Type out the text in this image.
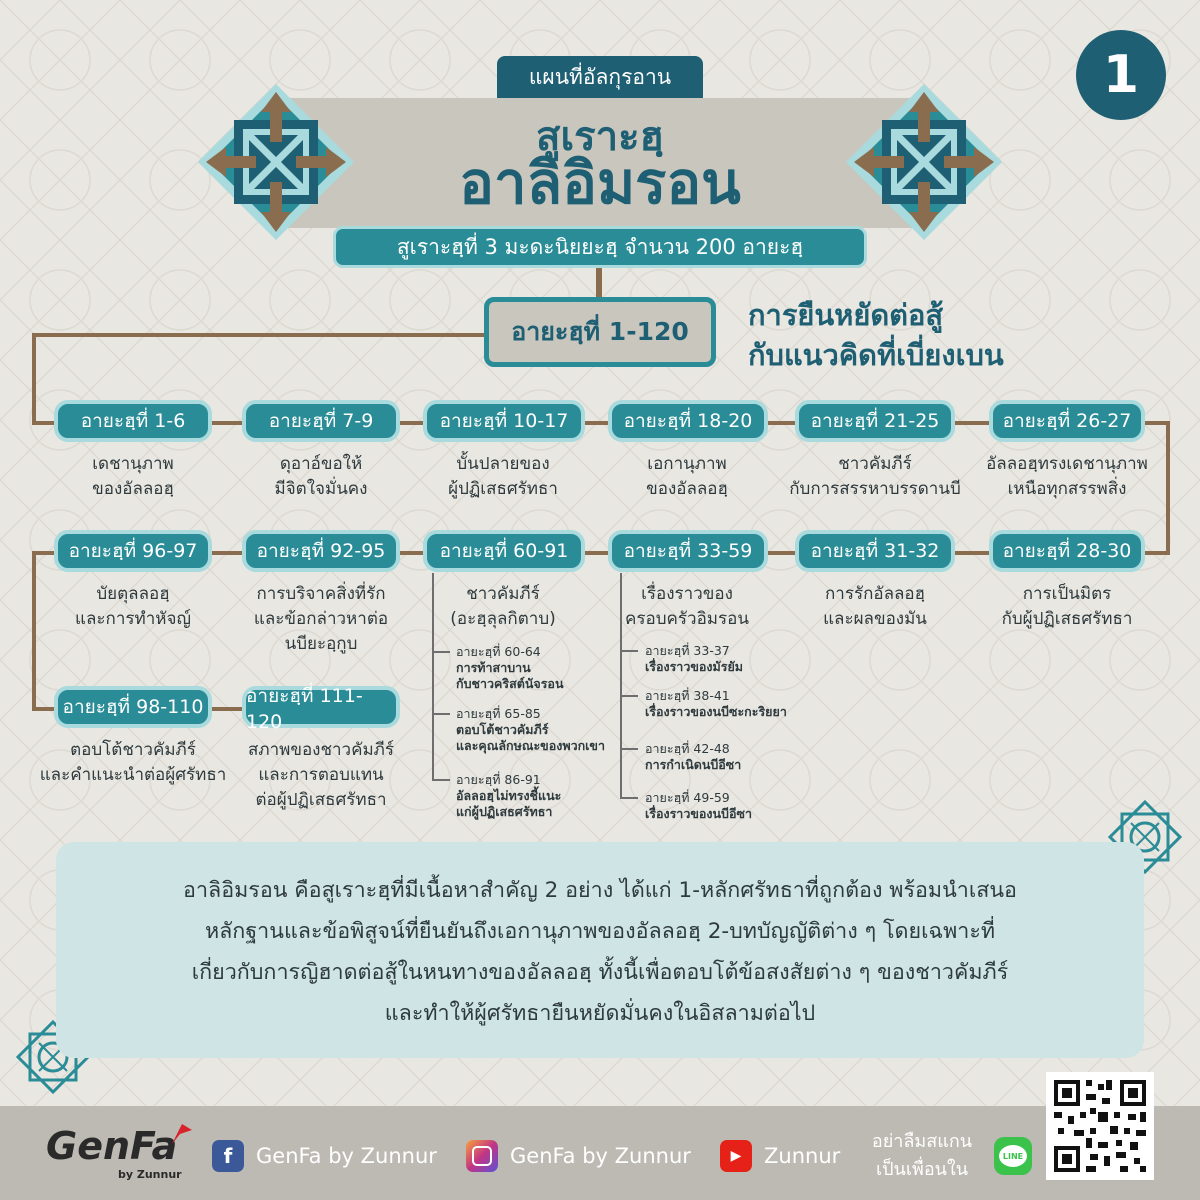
แผนที่อัลกุรอาน
สูเราะฮฺ
อาลิอิมรอน
สูเราะฮฺที่ 3 มะดะนิยยะฮฺ จำนวน 200 อายะฮฺ
1
อายะฮฺที่ 1-120	การยืนหยัดต่อสู้
กับแนวคิดที่เบี่ยงเบน
อายะฮฺที่ 1-6
เดชานุภาพ
ของอัลลอฮฺ
อายะฮฺที่ 7-9
ดุอาอ์ขอให้
มีจิตใจมั่นคง
อายะฮฺที่ 10-17
บั้นปลายของ
ผู้ปฏิเสธศรัทธา
อายะฮฺที่ 18-20
เอกานุภาพ
ของอัลลอฮฺ
อายะฮฺที่ 21-25
ชาวคัมภีร์
กับการสรรหาบรรดานบี
อายะฮฺที่ 26-27
อัลลอฮฺทรงเดชานุภาพ
เหนือทุกสรรพสิ่ง
อายะฮฺที่ 96-97
บัยตุลลอฮฺ
และการทำหัจญ์
อายะฮฺที่ 92-95
การบริจาคสิ่งที่รัก
และข้อกล่าวหาต่อ
นบียะอฺกูบ
อายะฮฺที่ 60-91
ชาวคัมภีร์
(อะฮฺลุลกิตาบ)
อายะฮฺที่ 33-59
เรื่องราวของ
ครอบครัวอิมรอน
อายะฮฺที่ 31-32
การรักอัลลอฮฺ
และผลของมัน
อายะฮฺที่ 28-30
การเป็นมิตร
กับผู้ปฏิเสธศรัทธา
อายะฮฺที่ 60-64
การท้าสาบาน
กับชาวคริสต์นัจรอน
อายะฮฺที่ 65-85
ตอบโต้ชาวคัมภีร์
และคุณลักษณะของพวกเขา
อายะฮฺที่ 86-91
อัลลอฮฺไม่ทรงชี้แนะ
แก่ผู้ปฏิเสธศรัทธา
อายะฮฺที่ 33-37
เรื่องราวของมัรยัม
อายะฮฺที่ 38-41
เรื่องราวของนบีซะกะริยยา
อายะฮฺที่ 42-48
การกำเนิดนบีอีซา
อายะฮฺที่ 49-59
เรื่องราวของนบีอีซา
อายะฮฺที่ 98-110
ตอบโต้ชาวคัมภีร์
และคำแนะนำต่อผู้ศรัทธา
อายะฮฺที่ 111-120
สภาพของชาวคัมภีร์
และการตอบแทน
ต่อผู้ปฏิเสธศรัทธา
อาลิอิมรอน คือสูเราะฮฺที่มีเนื้อหาสำคัญ 2 อย่าง ได้แก่ 1-หลักศรัทธาที่ถูกต้อง พร้อมนำเสนอ
หลักฐานและข้อพิสูจน์ที่ยืนยันถึงเอกานุภาพของอัลลอฮฺ 2-บทบัญญัติต่าง ๆ โดยเฉพาะที่
เกี่ยวกับการญิฮาดต่อสู้ในหนทางของอัลลอฮฺ ทั้งนี้เพื่อตอบโต้ข้อสงสัยต่าง ๆ ของชาวคัมภีร์
และทำให้ผู้ศรัทธายืนหยัดมั่นคงในอิสลามต่อไป
GenFa
by Zunnur
f	GenFa by Zunnur	GenFa by Zunnur	▶	Zunnur
อย่าลืมสแกน
เป็นเพื่อนใน
LINE
